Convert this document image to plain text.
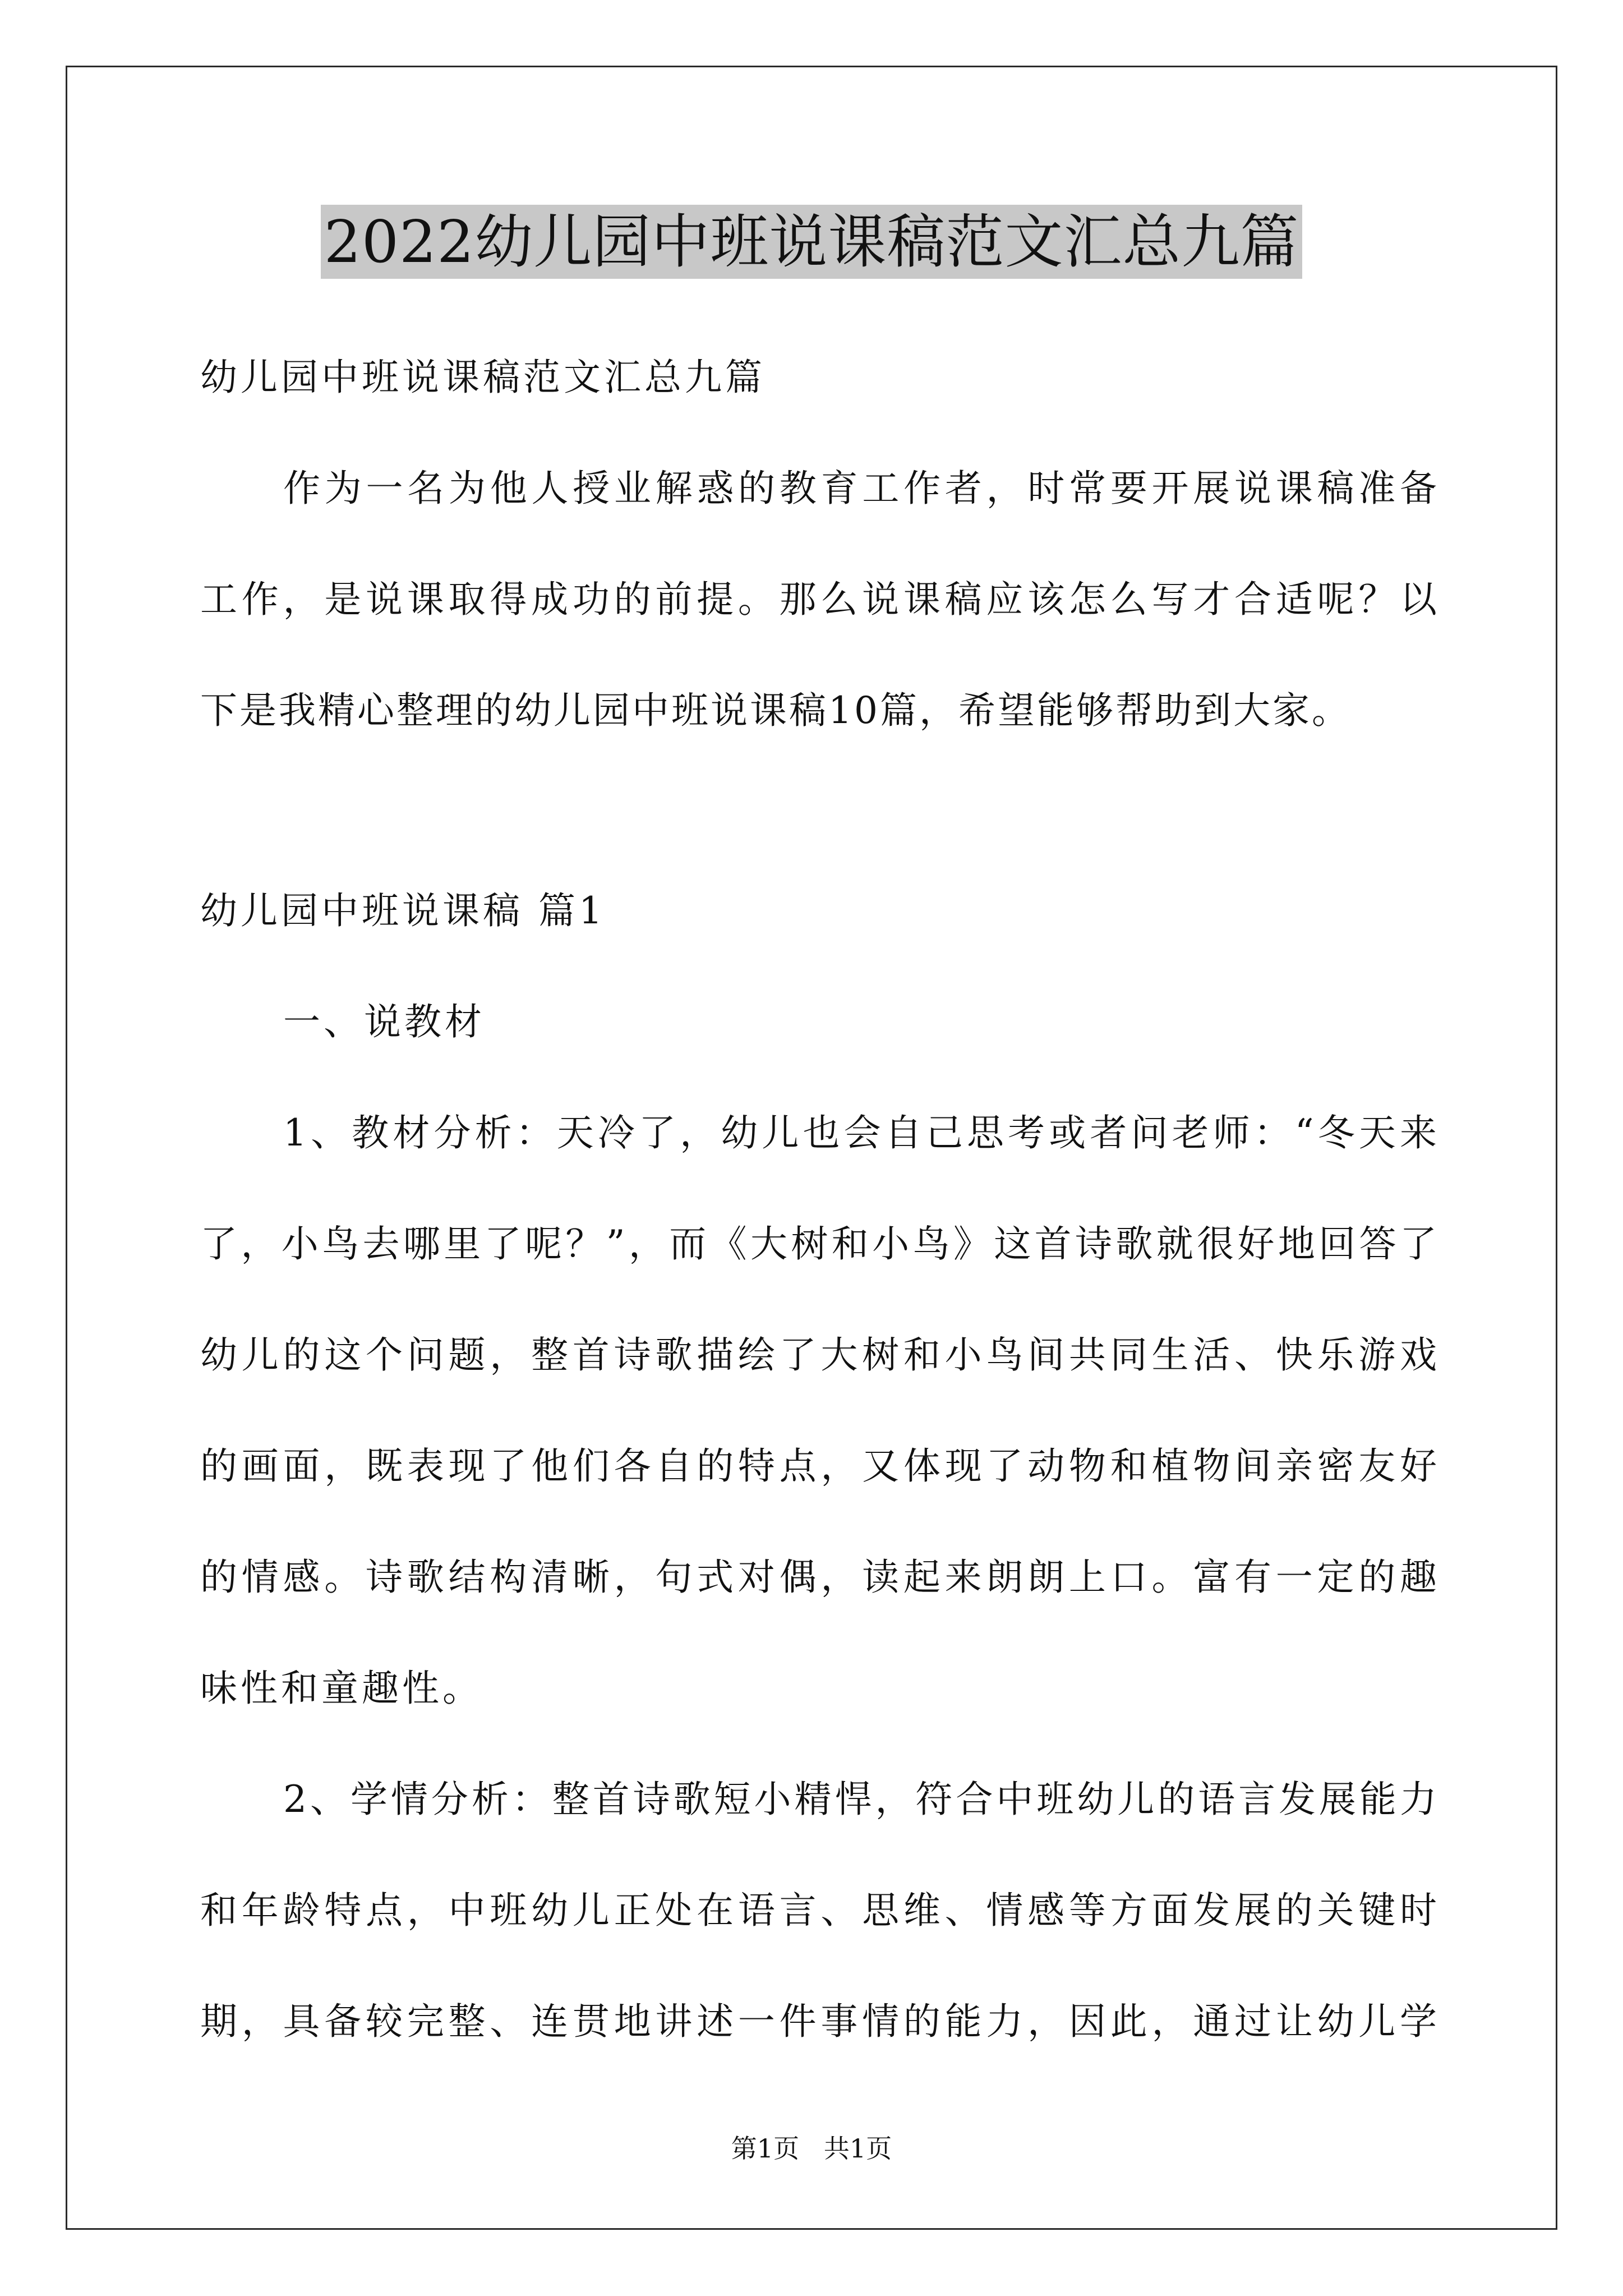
2022幼儿园中班说课稿范文汇总九篇
幼儿园中班说课稿范文汇总九篇
作为一名为他人授业解惑的教育工作者，时常要开展说课稿准备
工作，是说课取得成功的前提。那么说课稿应该怎么写才合适呢？以
下是我精心整理的幼儿园中班说课稿10篇，希望能够帮助到大家。
幼儿园中班说课稿 篇1
一、说教材
1、教材分析：天冷了，幼儿也会自己思考或者问老师：“冬天来
了，小鸟去哪里了呢？”，而《大树和小鸟》这首诗歌就很好地回答了
幼儿的这个问题，整首诗歌描绘了大树和小鸟间共同生活、快乐游戏
的画面，既表现了他们各自的特点，又体现了动物和植物间亲密友好
的情感。诗歌结构清晰，句式对偶，读起来朗朗上口。富有一定的趣
味性和童趣性。
2、学情分析：整首诗歌短小精悍，符合中班幼儿的语言发展能力
和年龄特点，中班幼儿正处在语言、思维、情感等方面发展的关键时
期，具备较完整、连贯地讲述一件事情的能力，因此，通过让幼儿学
第1页   共1页
